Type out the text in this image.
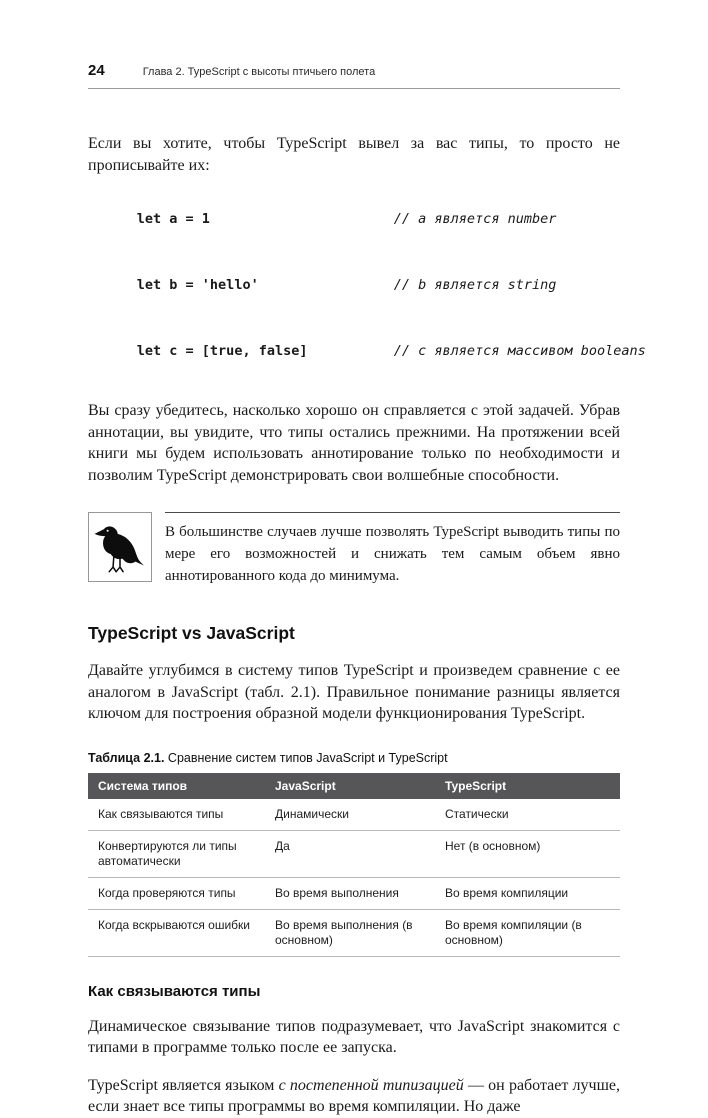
24	Глава 2. TypeScript с высоты птичьего полета

Если вы хотите, чтобы TypeScript вывел за вас типы, то просто не прописывайте их:

let a = 1	// a является number

let b = 'hello'	// b является string

let c = [true, false]	// c является массивом booleans

Вы сразу убедитесь, насколько хорошо он справляется с этой задачей. Убрав аннотации, вы увидите, что типы остались прежними. На протяжении всей книги мы будем использовать аннотирование только по необходимости и позволим TypeScript демонстрировать свои волшебные способности.

В большинстве случаев лучше позволять TypeScript выводить типы по мере его возможностей и снижать тем самым объем явно аннотированного кода до минимума.
TypeScript vs JavaScript

Давайте углубимся в систему типов TypeScript и произведем сравнение с ее аналогом в JavaScript (табл. 2.1). Правильное понимание разницы является ключом для построения образной модели функционирования TypeScript.

Таблица 2.1. Сравнение систем типов JavaScript и TypeScript
Система типов	JavaScript	TypeScript
Как связываются типы	Динамически	Статически
Конвертируются ли типы автоматически	Да	Нет (в основном)
Когда проверяются типы	Во время выполнения	Во время компиляции
Когда вскрываются ошибки	Во время выполнения (в основном)	Во время компиляции (в основном)
Как связываются типы

Динамическое связывание типов подразумевает, что JavaScript знакомится с типами в программе только после ее запуска.

TypeScript является языком с постепенной типизацией — он работает лучше, если знает все типы программы во время компиляции. Но даже
